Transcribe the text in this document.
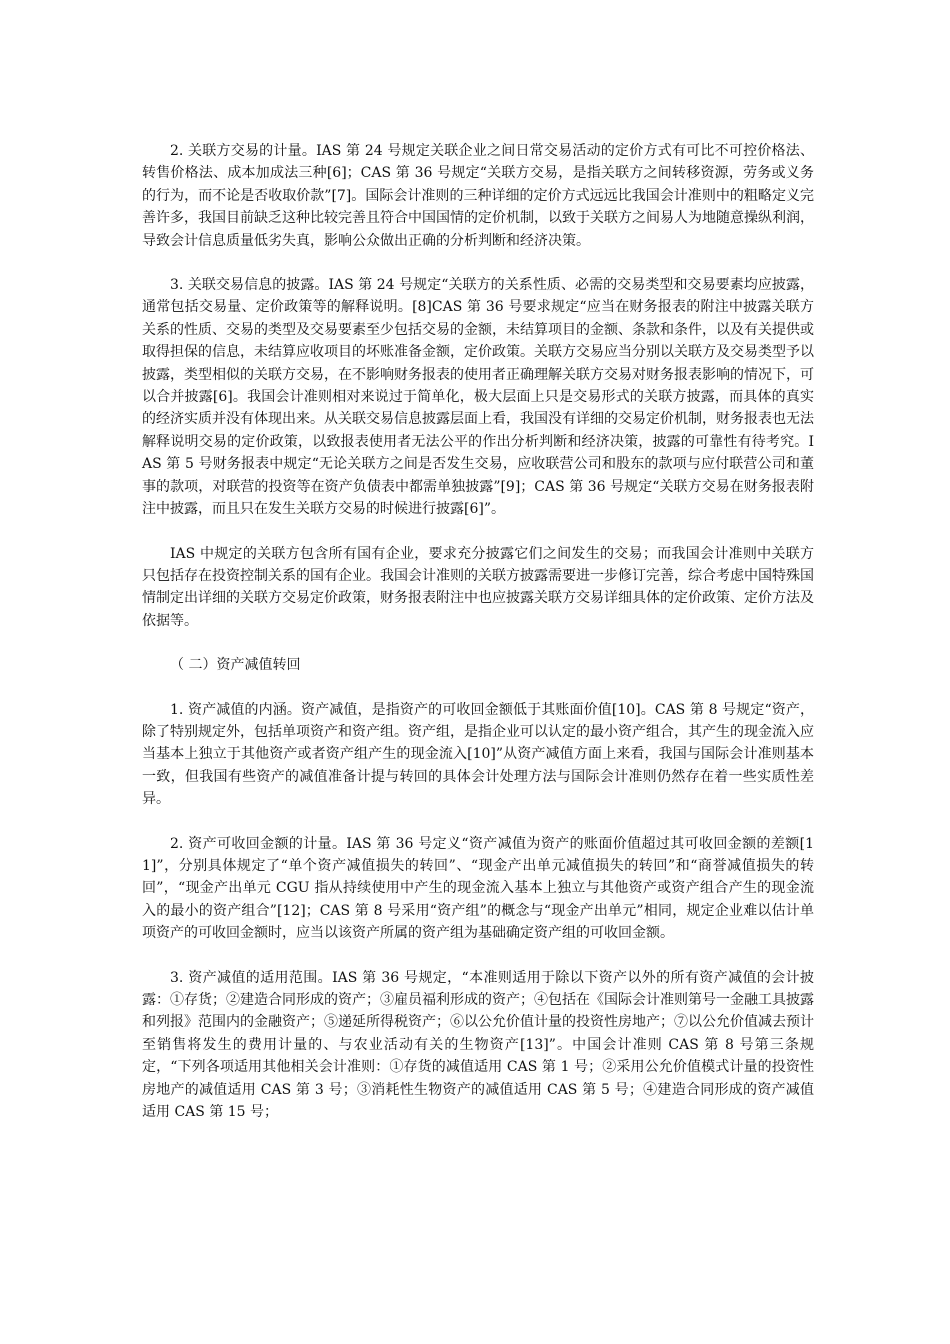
2. 关联方交易的计量。IAS 第 24 号规定关联企业之间日常交易活动的定价方式有可比不可控价格法、转售价格法、成本加成法三种[6]；CAS 第 36 号规定“关联方交易，是指关联方之间转移资源，劳务或义务的行为，而不论是否收取价款”[7]。国际会计准则的三种详细的定价方式远远比我国会计准则中的粗略定义完善许多，我国目前缺乏这种比较完善且符合中国国情的定价机制，以致于关联方之间易人为地随意操纵利润，导致会计信息质量低劣失真，影响公众做出正确的分析判断和经济决策。

3. 关联交易信息的披露。IAS 第 24 号规定“关联方的关系性质、必需的交易类型和交易要素均应披露，通常包括交易量、定价政策等的解释说明。[8]CAS 第 36 号要求规定“应当在财务报表的附注中披露关联方关系的性质、交易的类型及交易要素至少包括交易的金额，未结算项目的金额、条款和条件，以及有关提供或取得担保的信息，未结算应收项目的坏账准备金额，定价政策。关联方交易应当分别以关联方及交易类型予以披露，类型相似的关联方交易，在不影响财务报表的使用者正确理解关联方交易对财务报表影响的情况下，可以合并披露[6]。我国会计准则相对来说过于简单化，极大层面上只是交易形式的关联方披露，而具体的真实的经济实质并没有体现出来。从关联交易信息披露层面上看，我国没有详细的交易定价机制，财务报表也无法解释说明交易的定价政策，以致报表使用者无法公平的作出分析判断和经济决策，披露的可靠性有待考究。IAS 第 5 号财务报表中规定“无论关联方之间是否发生交易，应收联营公司和股东的款项与应付联营公司和董事的款项，对联营的投资等在资产负债表中都需单独披露”[9]；CAS 第 36 号规定“关联方交易在财务报表附注中披露，而且只在发生关联方交易的时候进行披露[6]”。

IAS 中规定的关联方包含所有国有企业，要求充分披露它们之间发生的交易；而我国会计准则中关联方只包括存在投资控制关系的国有企业。我国会计准则的关联方披露需要进一步修订完善，综合考虑中国特殊国情制定出详细的关联方交易定价政策，财务报表附注中也应披露关联方交易详细具体的定价政策、定价方法及依据等。

（ 二）资产减值转回

1. 资产减值的内涵。资产减值，是指资产的可收回金额低于其账面价值[10]。CAS 第 8 号规定“资产，除了特别规定外，包括单项资产和资产组。资产组，是指企业可以认定的最小资产组合，其产生的现金流入应当基本上独立于其他资产或者资产组产生的现金流入[10]”从资产减值方面上来看，我国与国际会计准则基本一致，但我国有些资产的减值准备计提与转回的具体会计处理方法与国际会计准则仍然存在着一些实质性差异。

2. 资产可收回金额的计量。IAS 第 36 号定义“资产减值为资产的账面价值超过其可收回金额的差额[11]”，分别具体规定了“单个资产减值损失的转回”、“现金产出单元减值损失的转回”和“商誉减值损失的转回”，“现金产出单元 CGU 指从持续使用中产生的现金流入基本上独立与其他资产或资产组合产生的现金流入的最小的资产组合”[12]；CAS 第 8 号采用“资产组”的概念与“现金产出单元”相同，规定企业难以估计单项资产的可收回金额时，应当以该资产所属的资产组为基础确定资产组的可收回金额。

3. 资产减值的适用范围。IAS 第 36 号规定，“本准则适用于除以下资产以外的所有资产减值的会计披露：①存货；②建造合同形成的资产；③雇员福利形成的资产；④包括在《国际会计准则第号一金融工具披露和列报》范围内的金融资产；⑤递延所得税资产；⑥以公允价值计量的投资性房地产；⑦以公允价值减去预计至销售将发生的费用计量的、与农业活动有关的生物资产[13]”。中国会计准则 CAS 第 8 号第三条规定，“下列各项适用其他相关会计准则：①存货的减值适用 CAS 第 1 号；②采用公允价值模式计量的投资性房地产的减值适用 CAS 第 3 号；③消耗性生物资产的减值适用 CAS 第 5 号；④建造合同形成的资产减值适用 CAS 第 15 号；
